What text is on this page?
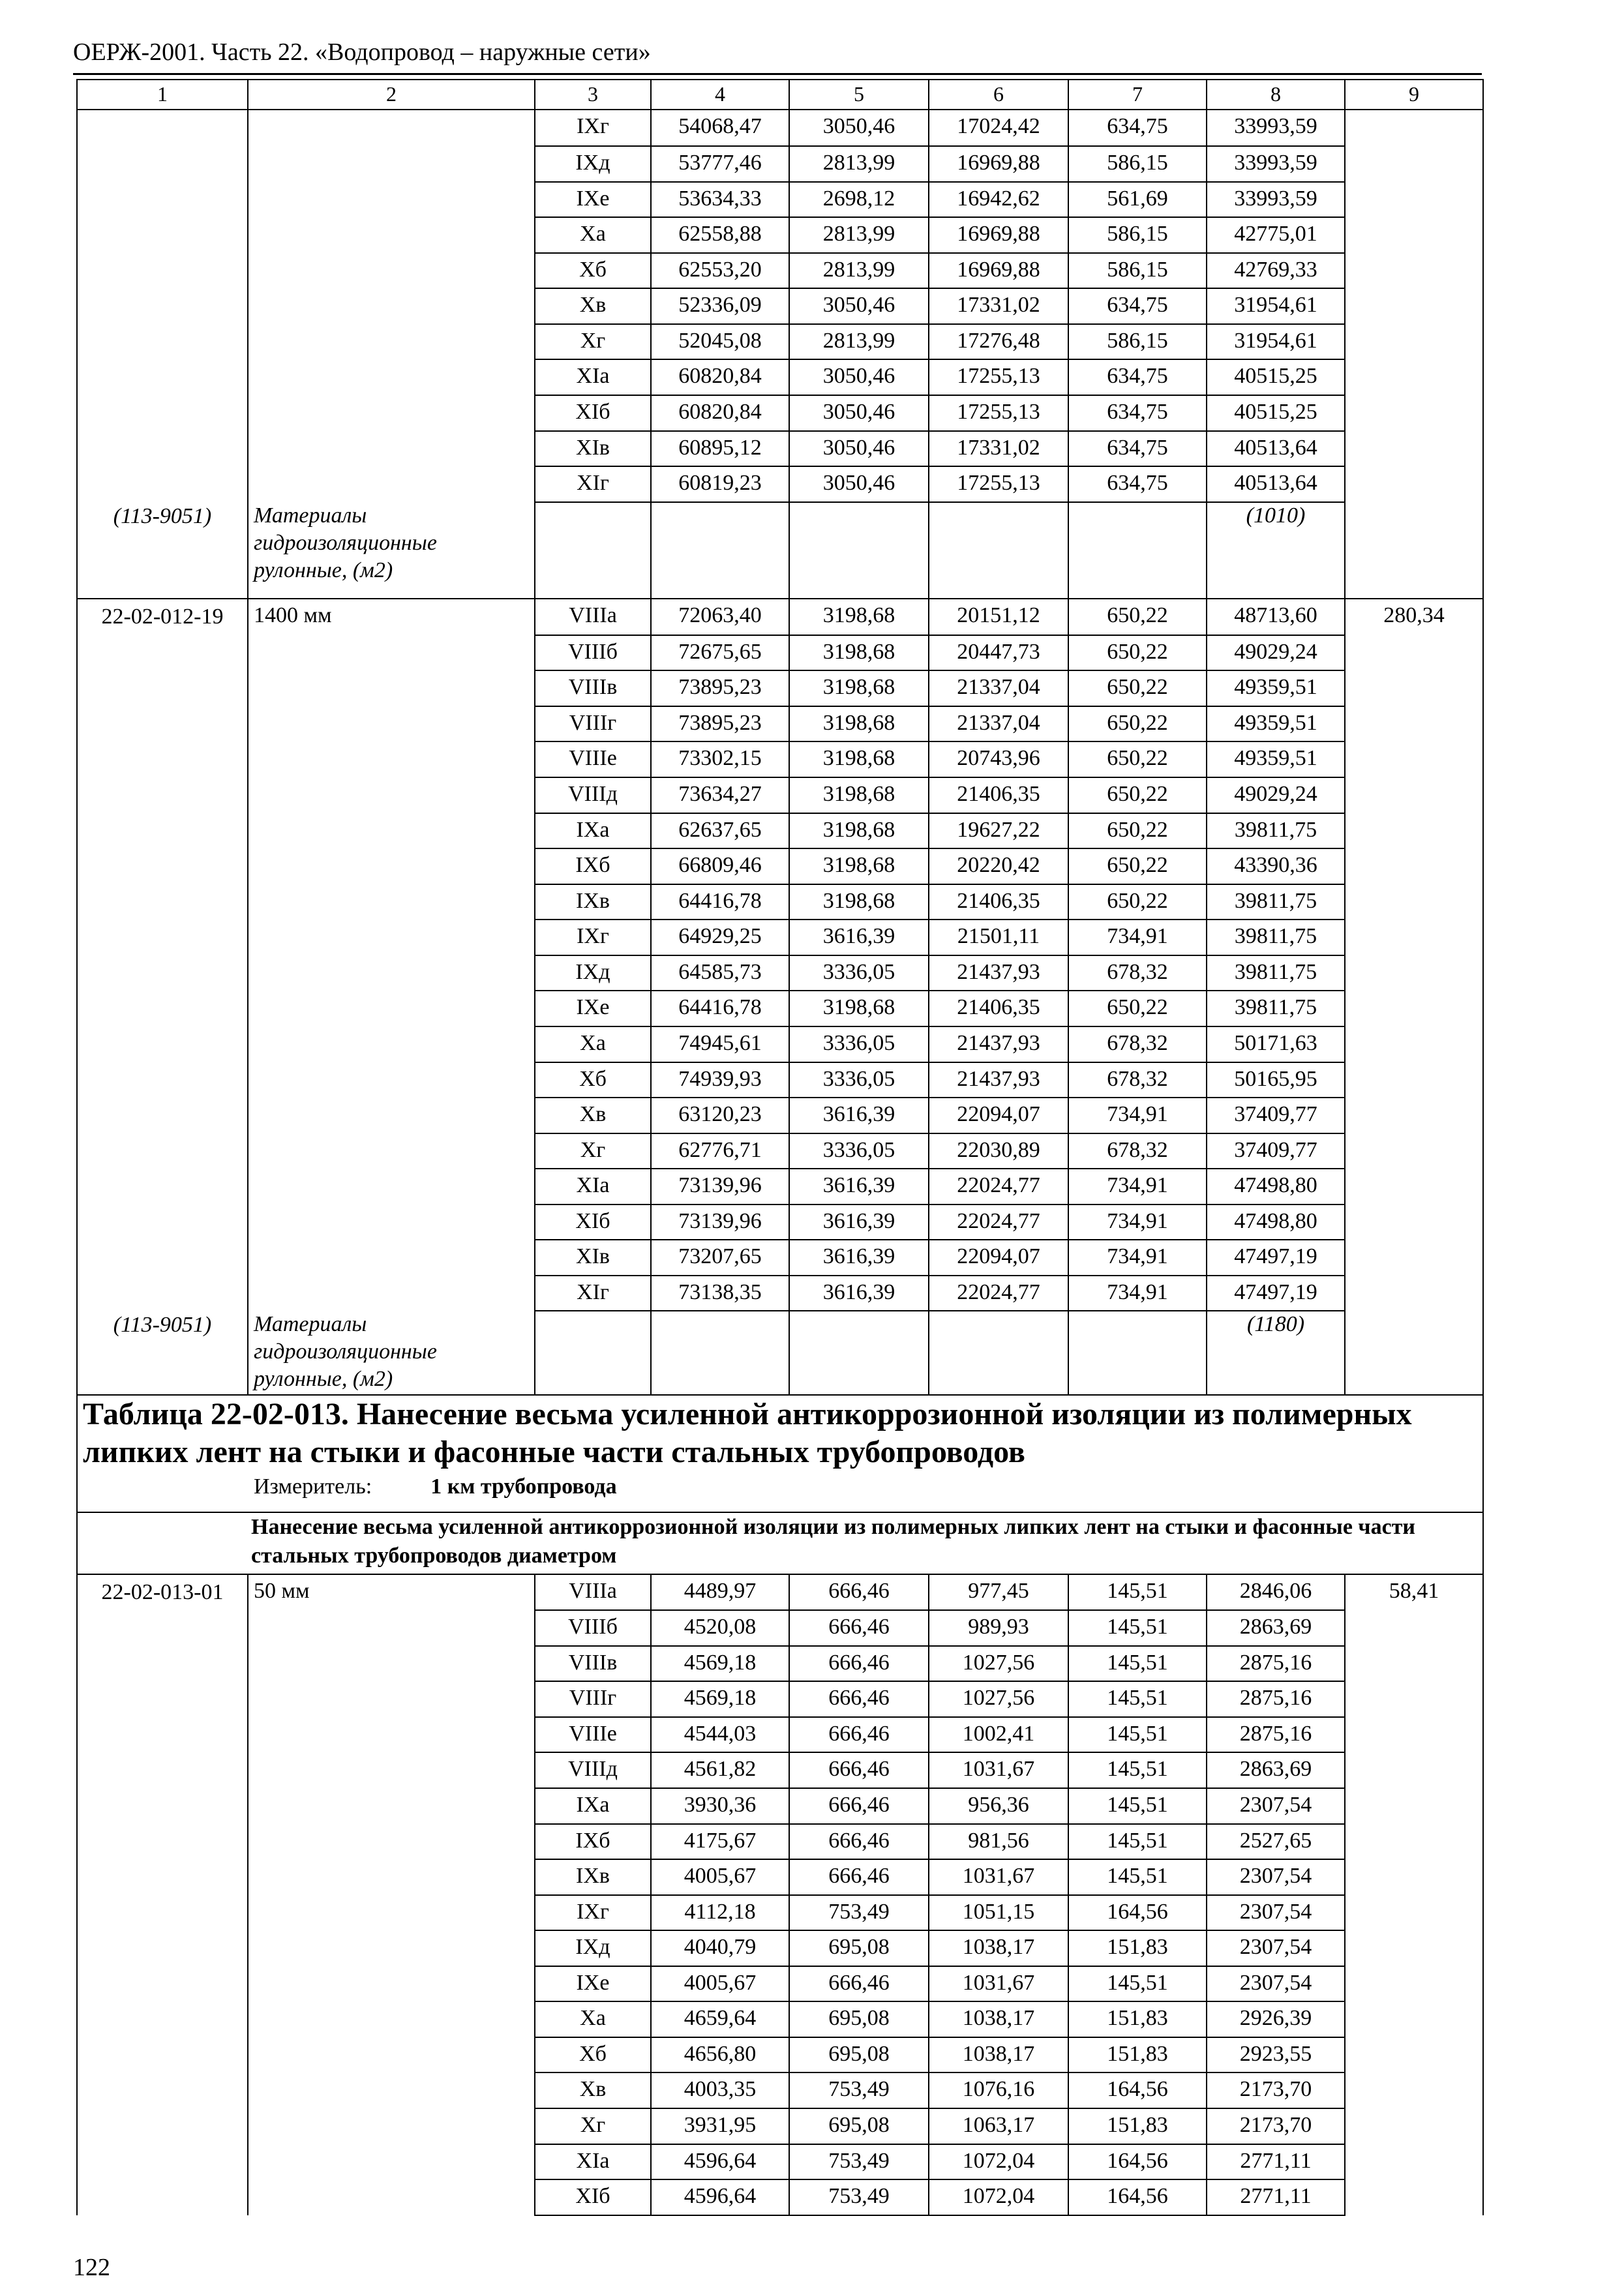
ОЕРЖ-2001. Часть 22. «Водопровод – наружные сети»
1	2	3	4	5	6	7	8	9
		IXг	54068,47	3050,46	17024,42	634,75	33993,59	
		IXд	53777,46	2813,99	16969,88	586,15	33993,59	
		IXе	53634,33	2698,12	16942,62	561,69	33993,59	
		Xа	62558,88	2813,99	16969,88	586,15	42775,01	
		Xб	62553,20	2813,99	16969,88	586,15	42769,33	
		Xв	52336,09	3050,46	17331,02	634,75	31954,61	
		Xг	52045,08	2813,99	17276,48	586,15	31954,61	
		XIа	60820,84	3050,46	17255,13	634,75	40515,25	
		XIб	60820,84	3050,46	17255,13	634,75	40515,25	
		XIв	60895,12	3050,46	17331,02	634,75	40513,64	
		XIг	60819,23	3050,46	17255,13	634,75	40513,64	
(113-9051)	Материалы гидроизоляционные рулонные, (м2)						(1010)	
22-02-012-19	1400 мм	VIIIа	72063,40	3198,68	20151,12	650,22	48713,60	280,34
		VIIIб	72675,65	3198,68	20447,73	650,22	49029,24	
		VIIIв	73895,23	3198,68	21337,04	650,22	49359,51	
		VIIIг	73895,23	3198,68	21337,04	650,22	49359,51	
		VIIIе	73302,15	3198,68	20743,96	650,22	49359,51	
		VIIIд	73634,27	3198,68	21406,35	650,22	49029,24	
		IXа	62637,65	3198,68	19627,22	650,22	39811,75	
		IXб	66809,46	3198,68	20220,42	650,22	43390,36	
		IXв	64416,78	3198,68	21406,35	650,22	39811,75	
		IXг	64929,25	3616,39	21501,11	734,91	39811,75	
		IXд	64585,73	3336,05	21437,93	678,32	39811,75	
		IXе	64416,78	3198,68	21406,35	650,22	39811,75	
		Xа	74945,61	3336,05	21437,93	678,32	50171,63	
		Xб	74939,93	3336,05	21437,93	678,32	50165,95	
		Xв	63120,23	3616,39	22094,07	734,91	37409,77	
		Xг	62776,71	3336,05	22030,89	678,32	37409,77	
		XIа	73139,96	3616,39	22024,77	734,91	47498,80	
		XIб	73139,96	3616,39	22024,77	734,91	47498,80	
		XIв	73207,65	3616,39	22094,07	734,91	47497,19	
		XIг	73138,35	3616,39	22024,77	734,91	47497,19	
(113-9051)	Материалы гидроизоляционные рулонные, (м2)						(1180)	

Таблица 22-02-013. Нанесение весьма усиленной антикоррозионной изоляции из полимерных липких лент на стыки и фасонные части стальных трубопроводов
Измеритель: 1 км трубопровода								

Нанесение весьма усиленной антикоррозионной изоляции из полимерных липких лент на стыки и фасонные части стальных трубопроводов диаметром								

22-02-013-01	50 мм	VIIIа	4489,97	666,46	977,45	145,51	2846,06	58,41
		VIIIб	4520,08	666,46	989,93	145,51	2863,69	
		VIIIв	4569,18	666,46	1027,56	145,51	2875,16	
		VIIIг	4569,18	666,46	1027,56	145,51	2875,16	
		VIIIе	4544,03	666,46	1002,41	145,51	2875,16	
		VIIIд	4561,82	666,46	1031,67	145,51	2863,69	
		IXа	3930,36	666,46	956,36	145,51	2307,54	
		IXб	4175,67	666,46	981,56	145,51	2527,65	
		IXв	4005,67	666,46	1031,67	145,51	2307,54	
		IXг	4112,18	753,49	1051,15	164,56	2307,54	
		IXд	4040,79	695,08	1038,17	151,83	2307,54	
		IXе	4005,67	666,46	1031,67	145,51	2307,54	
		Xа	4659,64	695,08	1038,17	151,83	2926,39	
		Xб	4656,80	695,08	1038,17	151,83	2923,55	
		Xв	4003,35	753,49	1076,16	164,56	2173,70	
		Xг	3931,95	695,08	1063,17	151,83	2173,70	
		XIа	4596,64	753,49	1072,04	164,56	2771,11	
		XIб	4596,64	753,49	1072,04	164,56	2771,11	
122
